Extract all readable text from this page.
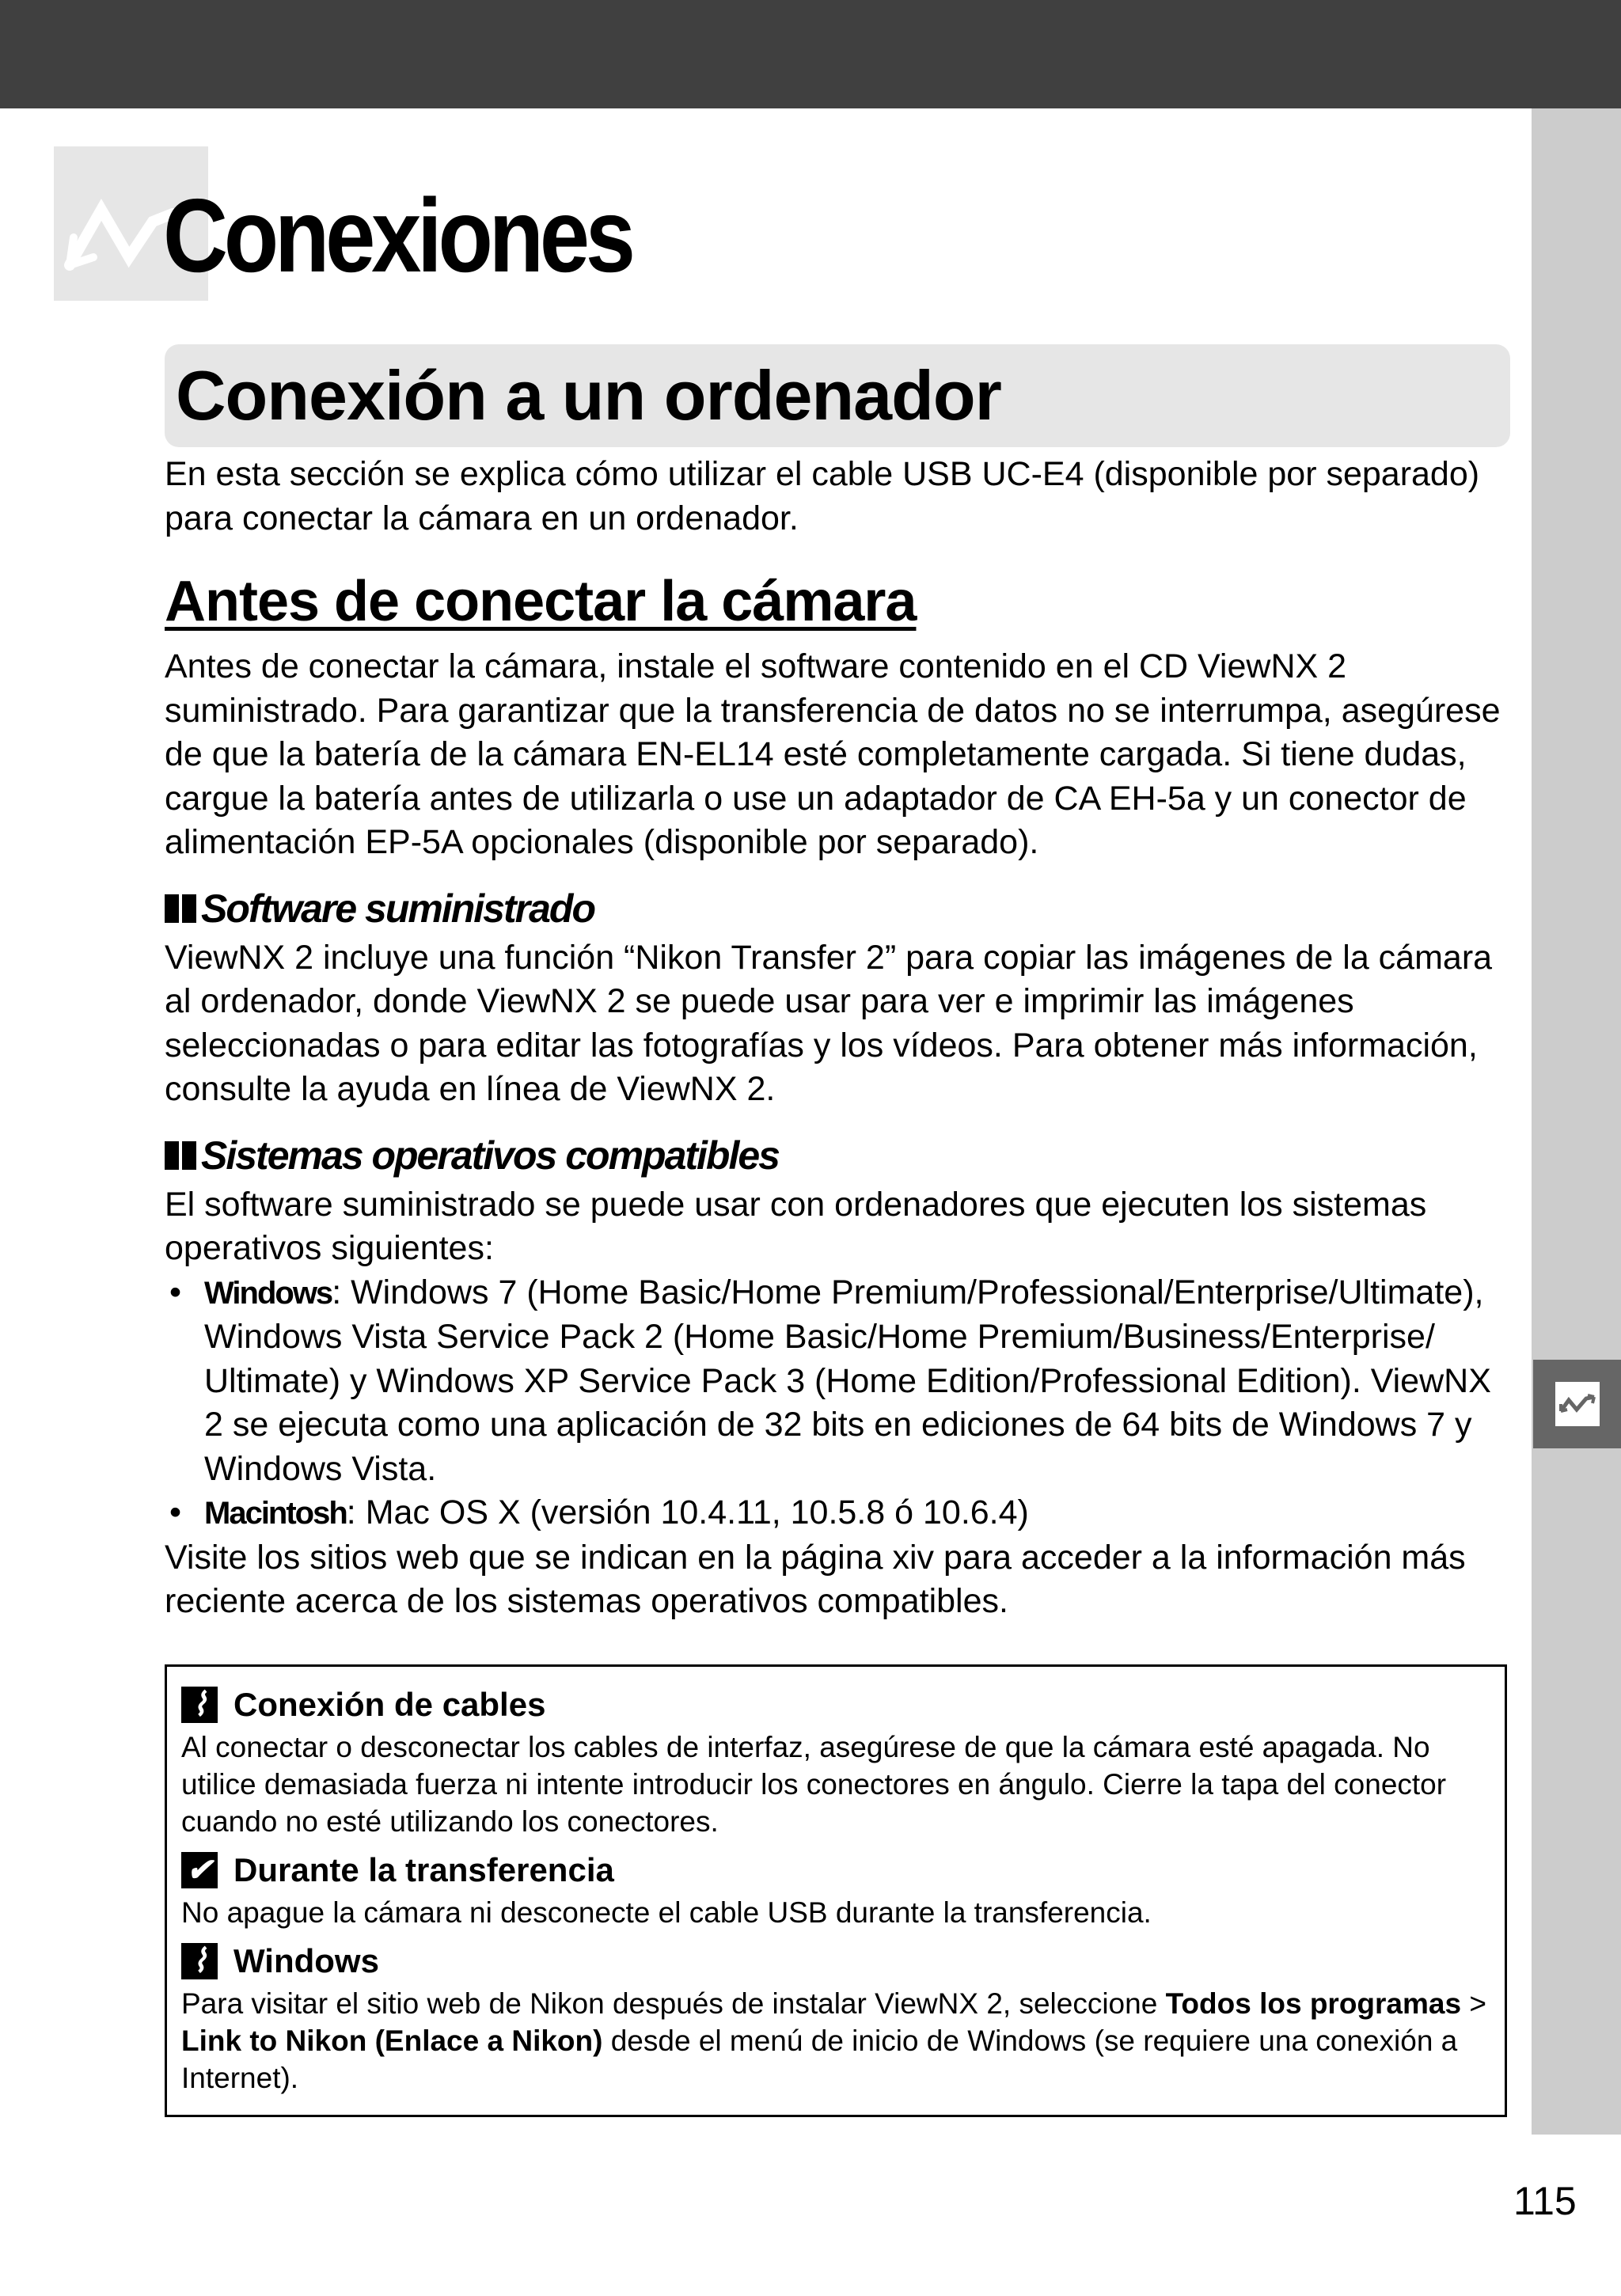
Conexiones
Conexión a un ordenador

En esta sección se explica cómo utilizar el cable USB UC-E4 (disponible por separado) para conectar la cámara en un ordenador.

Antes de conectar la cámara

Antes de conectar la cámara, instale el software contenido en el CD ViewNX 2 suministrado. Para garantizar que la transferencia de datos no se interrumpa, asegúrese de que la batería de la cámara EN-EL14 esté completamente cargada. Si tiene dudas, cargue la batería antes de utilizarla o use un adaptador de CA EH-5a y un conector de alimentación EP-5A opcionales (disponible por separado).

Software suministrado

ViewNX 2 incluye una función “Nikon Transfer 2” para copiar las imágenes de la cámara al ordenador, donde ViewNX 2 se puede usar para ver e imprimir las imágenes seleccionadas o para editar las fotografías y los vídeos. Para obtener más información, consulte la ayuda en línea de ViewNX 2.

Sistemas operativos compatibles

El software suministrado se puede usar con ordenadores que ejecuten los sistemas operativos siguientes:

• Windows: Windows 7 (Home Basic/Home Premium/Professional/Enterprise/Ultimate), Windows Vista Service Pack 2 (Home Basic/Home Premium/Business/Enterprise/ Ultimate) y Windows XP Service Pack 3 (Home Edition/Professional Edition). ViewNX 2 se ejecuta como una aplicación de 32 bits en ediciones de 64 bits de Windows 7 y Windows Vista.
• Macintosh: Mac OS X (versión 10.4.11, 10.5.8 ó 10.6.4)

Visite los sitios web que se indican en la página xiv para acceder a la información más reciente acerca de los sistemas operativos compatibles.

⌇ Conexión de cables

Al conectar o desconectar los cables de interfaz, asegúrese de que la cámara esté apagada. No utilice demasiada fuerza ni intente introducir los conectores en ángulo. Cierre la tapa del conector cuando no esté utilizando los conectores.

✔ Durante la transferencia

No apague la cámara ni desconecte el cable USB durante la transferencia.

⌇ Windows

Para visitar el sitio web de Nikon después de instalar ViewNX 2, seleccione Todos los programas > Link to Nikon (Enlace a Nikon) desde el menú de inicio de Windows (se requiere una conexión a Internet).

115
